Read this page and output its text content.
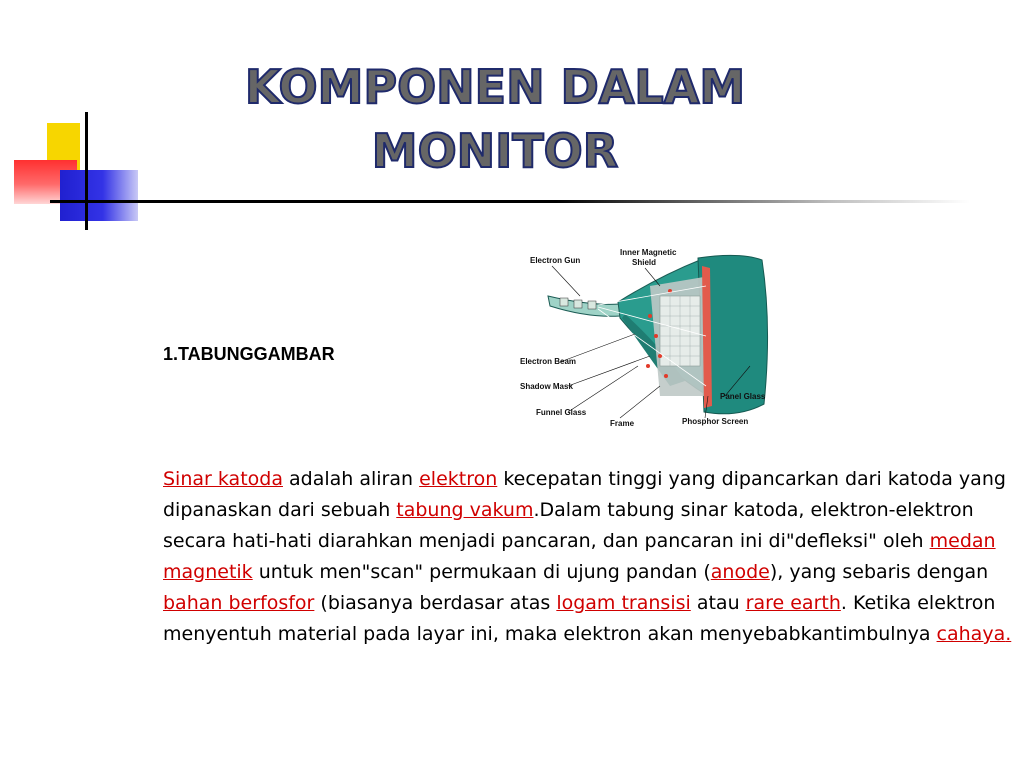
KOMPONEN DALAM
MONITOR

1.TABUNGGAMBAR

Electron Gun
Inner Magnetic
Shield
Electron Beam
Shadow Mask
Funnel Glass
Frame
Panel Glass
Phosphor Screen

Sinar katoda adalah aliran elektron kecepatan tinggi yang dipancarkan dari katoda yang dipanaskan dari sebuah tabung vakum.Dalam tabung sinar katoda, elektron-elektron secara hati-hati diarahkan menjadi pancaran, dan pancaran ini di"defleksi" oleh medan magnetik untuk men"scan" permukaan di ujung pandan (anode), yang sebaris dengan bahan berfosfor (biasanya berdasar atas logam transisi atau rare earth. Ketika elektron menyentuh material pada layar ini, maka elektron akan menyebabkantimbulnya cahaya.
